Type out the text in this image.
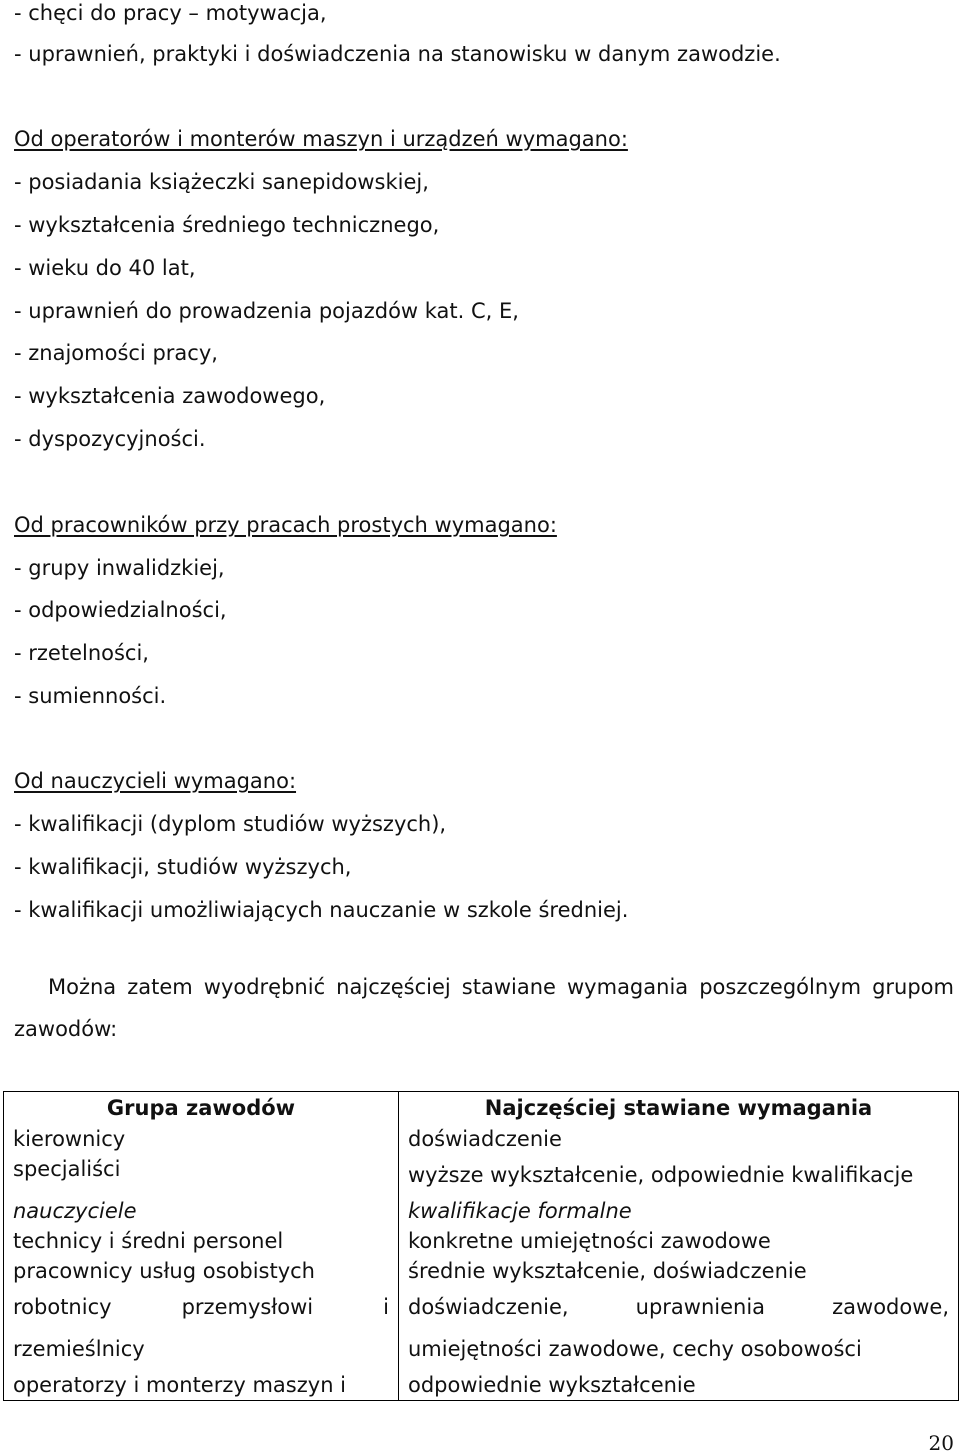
- chęci do pracy – motywacja,
- uprawnień, praktyki i doświadczenia na stanowisku w danym zawodzie.
Od operatorów i monterów maszyn i urządzeń wymagano:
- posiadania książeczki sanepidowskiej,
- wykształcenia średniego technicznego,
- wieku do 40 lat,
- uprawnień do prowadzenia pojazdów kat. C, E,
- znajomości pracy,
- wykształcenia zawodowego,
- dyspozycyjności.
Od pracowników przy pracach prostych wymagano:
- grupy inwalidzkiej,
- odpowiedzialności,
- rzetelności,
- sumienności.
Od nauczycieli wymagano:
- kwalifikacji (dyplom studiów wyższych),
- kwalifikacji, studiów wyższych,
- kwalifikacji umożliwiających nauczanie w szkole średniej.
Można zatem wyodrębnić najczęściej stawiane wymagania poszczególnym grupom zawodów:
Grupa zawodów	Najczęściej stawiane wymagania
kierownicy	doświadczenie
specjaliści	wyższe wykształcenie, odpowiednie kwalifikacje
nauczyciele	kwalifikacje formalne
technicy i średni personel	konkretne umiejętności zawodowe
pracownicy usług osobistych	średnie wykształcenie, doświadczenie
robotnicy przemysłowi i rzemieślnicy	doświadczenie, uprawnienia zawodowe, umiejętności zawodowe, cechy osobowości
operatorzy i monterzy maszyn i	odpowiednie wykształcenie
20
